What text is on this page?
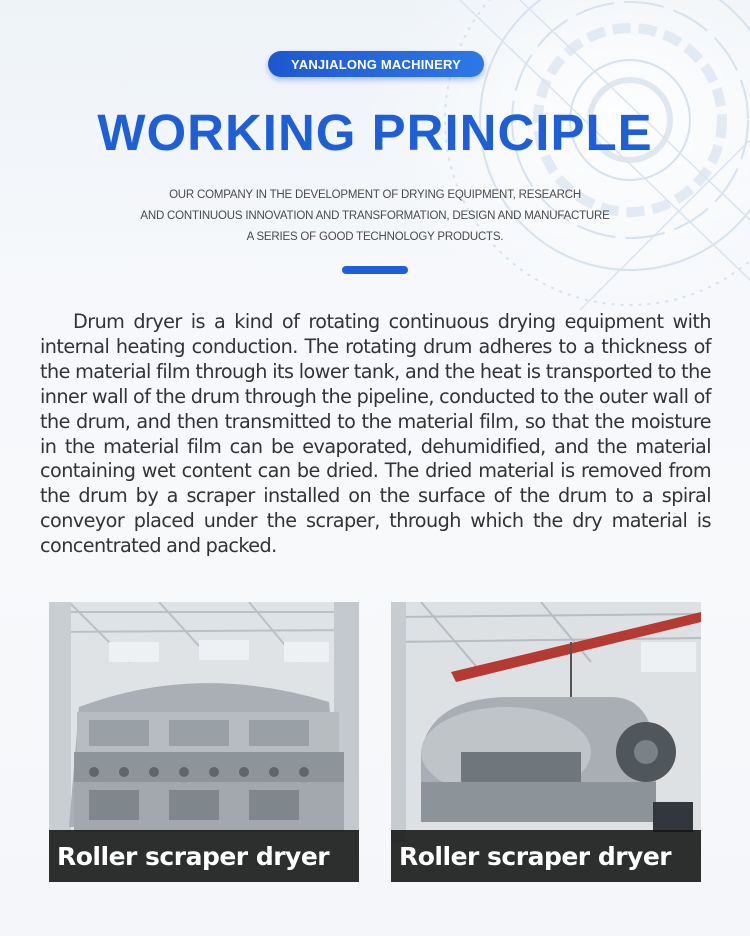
YANJIALONG MACHINERY
WORKING PRINCIPLE
OUR COMPANY IN THE DEVELOPMENT OF DRYING EQUIPMENT, RESEARCH
AND CONTINUOUS INNOVATION AND TRANSFORMATION, DESIGN AND MANUFACTURE
A SERIES OF GOOD TECHNOLOGY PRODUCTS.

Drum dryer is a kind of rotating continuous drying equipment with internal heating conduction. The rotating drum adheres to a thickness of the material film through its lower tank, and the heat is transported to the inner wall of the drum through the pipeline, conducted to the outer wall of the drum, and then transmitted to the material film, so that the moisture in the material film can be evaporated, dehumidified, and the material containing wet content can be dried. The dried material is removed from the drum by a scraper installed on the surface of the drum to a spiral conveyor placed under the scraper, through which the dry material is concentrated and packed.

Roller scraper dryer	Roller scraper dryer
